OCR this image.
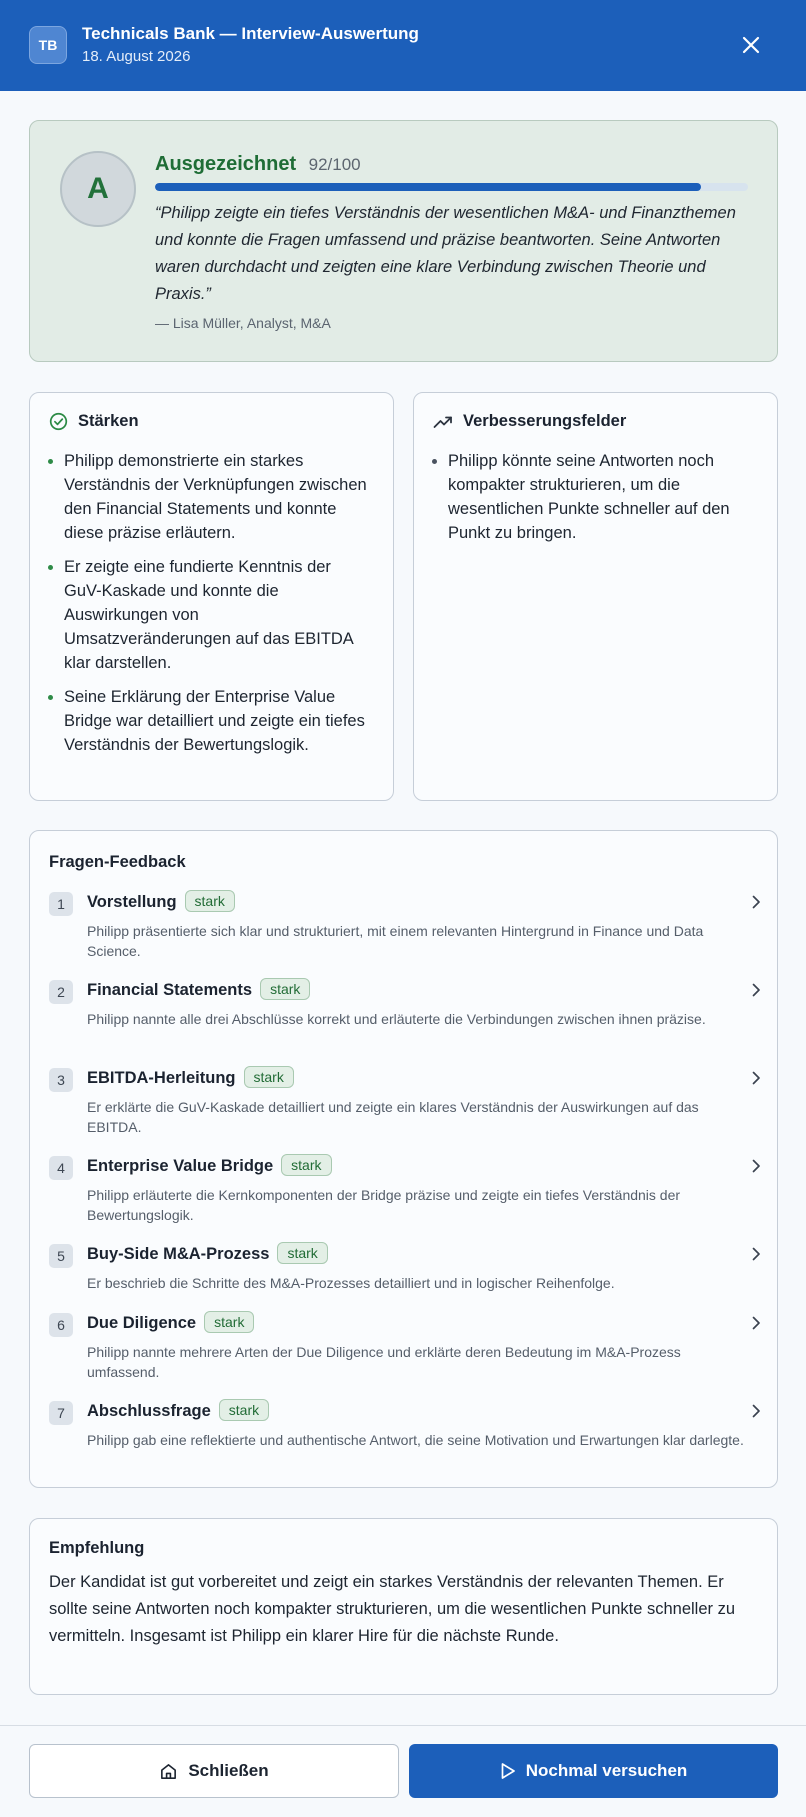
TB
Technicals Bank — Interview-Auswertung
18. August 2026
A
Ausgezeichnet 92/100
“Philipp zeigte ein tiefes Verständnis der wesentlichen M&A- und Finanzthemen und konnte die Fragen umfassend und präzise beantworten. Seine Antworten waren durchdacht und zeigten eine klare Verbindung zwischen Theorie und Praxis.”
— Lisa Müller, Analyst, M&A
Stärken
Philipp demonstrierte ein starkes Verständnis der Verknüpfungen zwischen den Financial Statements und konnte diese präzise erläutern.
Er zeigte eine fundierte Kenntnis der GuV-Kaskade und konnte die Auswirkungen von Umsatzveränderungen auf das EBITDA klar darstellen.
Seine Erklärung der Enterprise Value Bridge war detailliert und zeigte ein tiefes Verständnis der Bewertungslogik.
Verbesserungsfelder
Philipp könnte seine Antworten noch kompakter strukturieren, um die wesentlichen Punkte schneller auf den Punkt zu bringen.
Fragen-Feedback
1	Vorstellung stark
Philipp präsentierte sich klar und strukturiert, mit einem relevanten Hintergrund in Finance und Data Science.
2	Financial Statements stark
Philipp nannte alle drei Abschlüsse korrekt und erläuterte die Verbindungen zwischen ihnen präzise.
3	EBITDA-Herleitung stark
Er erklärte die GuV-Kaskade detailliert und zeigte ein klares Verständnis der Auswirkungen auf das EBITDA.
4	Enterprise Value Bridge stark
Philipp erläuterte die Kernkomponenten der Bridge präzise und zeigte ein tiefes Verständnis der Bewertungslogik.
5	Buy-Side M&A-Prozess stark
Er beschrieb die Schritte des M&A-Prozesses detailliert und in logischer Reihenfolge.
6	Due Diligence stark
Philipp nannte mehrere Arten der Due Diligence und erklärte deren Bedeutung im M&A-Prozess umfassend.
7	Abschlussfrage stark
Philipp gab eine reflektierte und authentische Antwort, die seine Motivation und Erwartungen klar darlegte.
Empfehlung
Der Kandidat ist gut vorbereitet und zeigt ein starkes Verständnis der relevanten Themen. Er sollte seine Antworten noch kompakter strukturieren, um die wesentlichen Punkte schneller zu vermitteln. Insgesamt ist Philipp ein klarer Hire für die nächste Runde.
Schließen	Nochmal versuchen
